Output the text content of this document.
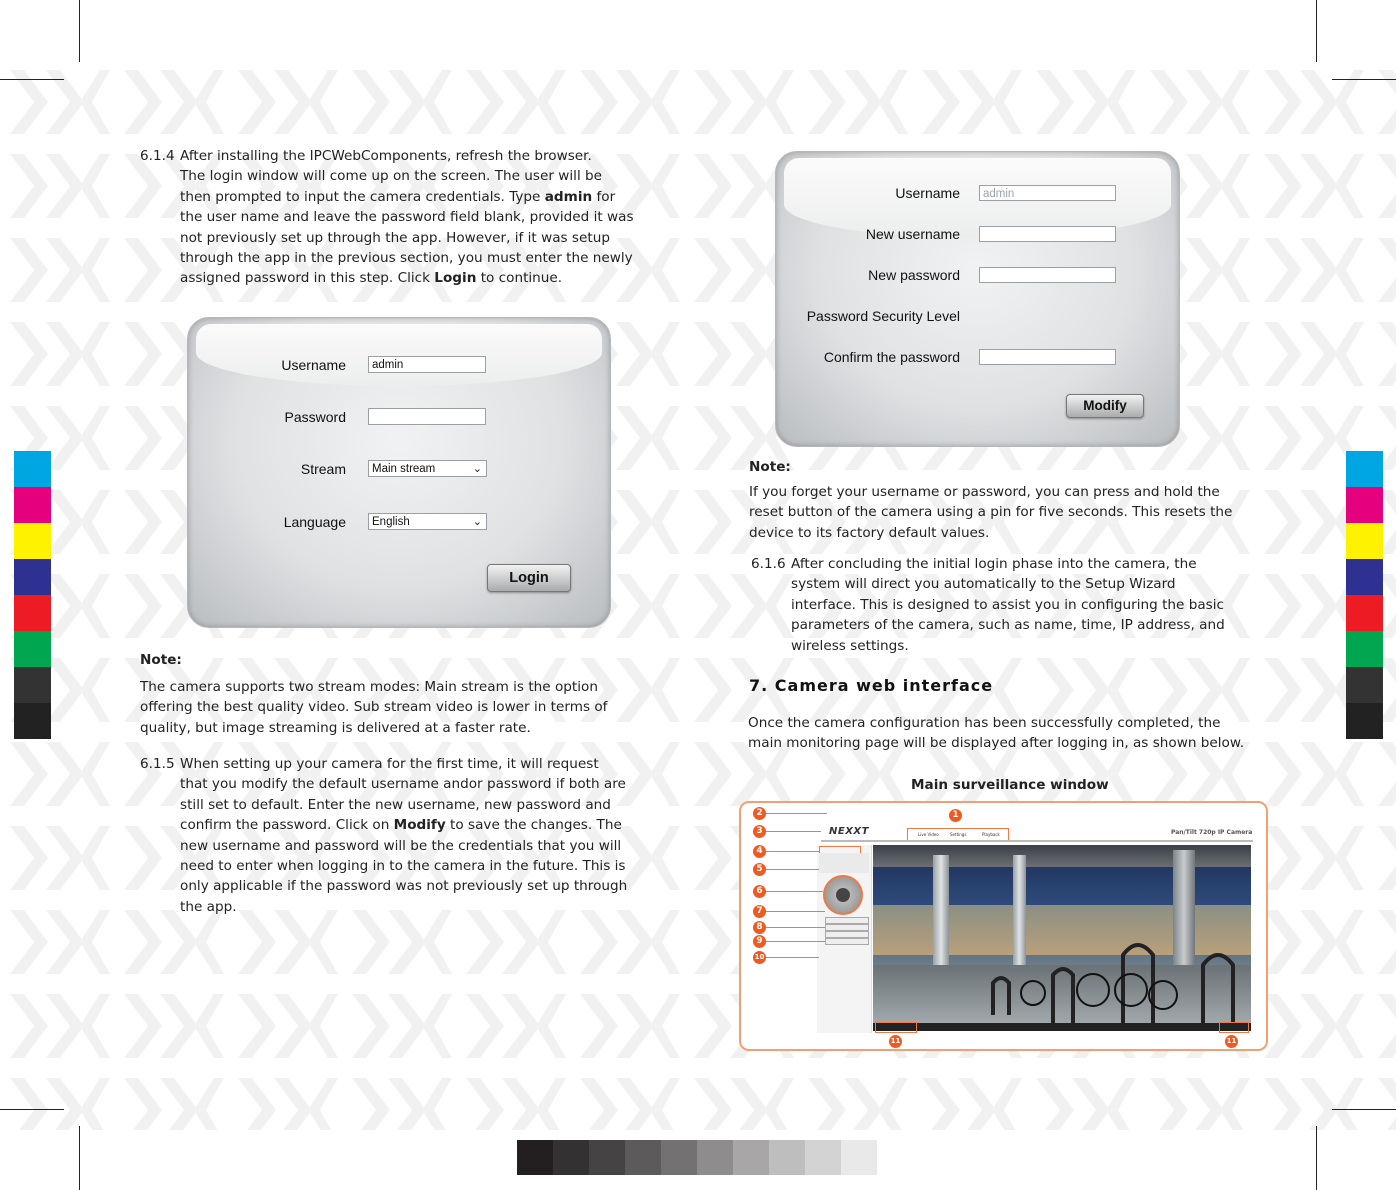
6.1.4 After installing the IPCWebComponents, refresh the browser.
The login window will come up on the screen. The user will be
then prompted to input the camera credentials. Type admin for
the user name and leave the password field blank, provided it was
not previously set up through the app. However, if it was setup
through the app in the previous section, you must enter the newly
assigned password in this step. Click Login to continue.
Username	admin
Password
Stream	Main stream	⌄
Language	English	⌄
Login
Note:
The camera supports two stream modes: Main stream is the option
offering the best quality video. Sub stream video is lower in terms of
quality, but image streaming is delivered at a faster rate.
6.1.5 When setting up your camera for the first time, it will request
that you modify the default username andor password if both are
still set to default. Enter the new username, new password and
confirm the password. Click on Modify to save the changes. The
new username and password will be the credentials that you will
need to enter when logging in to the camera in the future. This is
only applicable if the password was not previously set up through
the app.
Username	admin
New username
New password
Password Security Level
Confirm the password
Modify
Note:
If you forget your username or password, you can press and hold the
reset button of the camera using a pin for five seconds. This resets the
device to its factory default values.
6.1.6 After concluding the initial login phase into the camera, the
system will direct you automatically to the Setup Wizard
interface. This is designed to assist you in configuring the basic
parameters of the camera, such as name, time, IP address, and
wireless settings.
7. Camera web interface
Once the camera configuration has been successfully completed, the
main monitoring page will be displayed after logging in, as shown below.
Main surveillance window
NEXXT	Pan/Tilt 720p IP Camera
Live Video	Settings	Playback
2
3
4
5
6
7
8
9
10
1
11	11
